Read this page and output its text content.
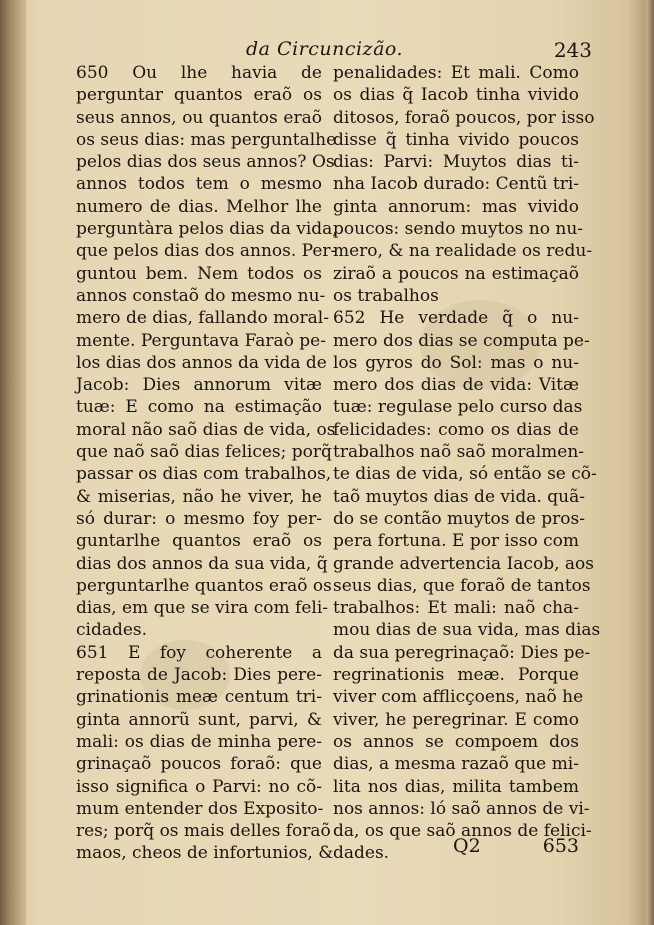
da Circuncizão.	243
650 Ou lhe havia de
perguntar quantos eraõ os
seus annos, ou quantos eraõ
os seus dias: mas perguntalhe
pelos dias dos seus annos? Os
annos todos tem o mesmo
numero de dias. Melhor lhe
perguntàra pelos dias da vida,
que pelos dias dos annos. Per-
guntou bem. Nem todos os
annos constaõ do mesmo nu-
mero de dias, fallando moral-
mente. Perguntava Faraò pe-
los dias dos annos da vida de
Jacob: Dies annorum vitæ
tuæ: E como na estimação
moral não saõ dias de vida, os
que naõ saõ dias felices; porq̃
passar os dias com trabalhos,
& miserias, não he viver, he
só durar: o mesmo foy per-
guntarlhe quantos eraõ os
dias dos annos da sua vida, q̃
perguntarlhe quantos eraõ os
dias, em que se vira com feli-
cidades.
651 E foy coherente a
reposta de Jacob: Dies pere-
grinationis meæ centum tri-
ginta annorũ sunt, parvi, &
mali: os dias de minha pere-
grinaçaõ poucos foraõ: que
isso significa o Parvi: no cõ-
mum entender dos Exposito-
res; porq̃ os mais delles foraõ
maos, cheos de infortunios, &
penalidades: Et mali. Como
os dias q̃ Iacob tinha vivido
ditosos, foraõ poucos, por isso
disse q̃ tinha vivido poucos
dias: Parvi: Muytos dias ti-
nha Iacob durado: Centũ tri-
ginta annorum: mas vivido
poucos: sendo muytos no nu-
mero, & na realidade os redu-
ziraõ a poucos na estimaçaõ
os trabalhos
652 He verdade q̃ o nu-
mero dos dias se computa pe-
los gyros do Sol: mas o nu-
mero dos dias de vida: Vitæ
tuæ: regulase pelo curso das
felicidades: como os dias de
trabalhos naõ saõ moralmen-
te dias de vida, só então se cõ-
taõ muytos dias de vida. quã-
do se contão muytos de pros-
pera fortuna. E por isso com
grande advertencia Iacob, aos
seus dias, que foraõ de tantos
trabalhos: Et mali: naõ cha-
mou dias de sua vida, mas dias
da sua peregrinaçaõ: Dies pe-
regrinationis meæ. Porque
viver com afflicçoens, naõ he
viver, he peregrinar. E como
os annos se compoem dos
dias, a mesma razaõ que mi-
lita nos dias, milita tambem
nos annos: ló saõ annos de vi-
da, os que saõ annos de felici-
dades.	Q2	653
